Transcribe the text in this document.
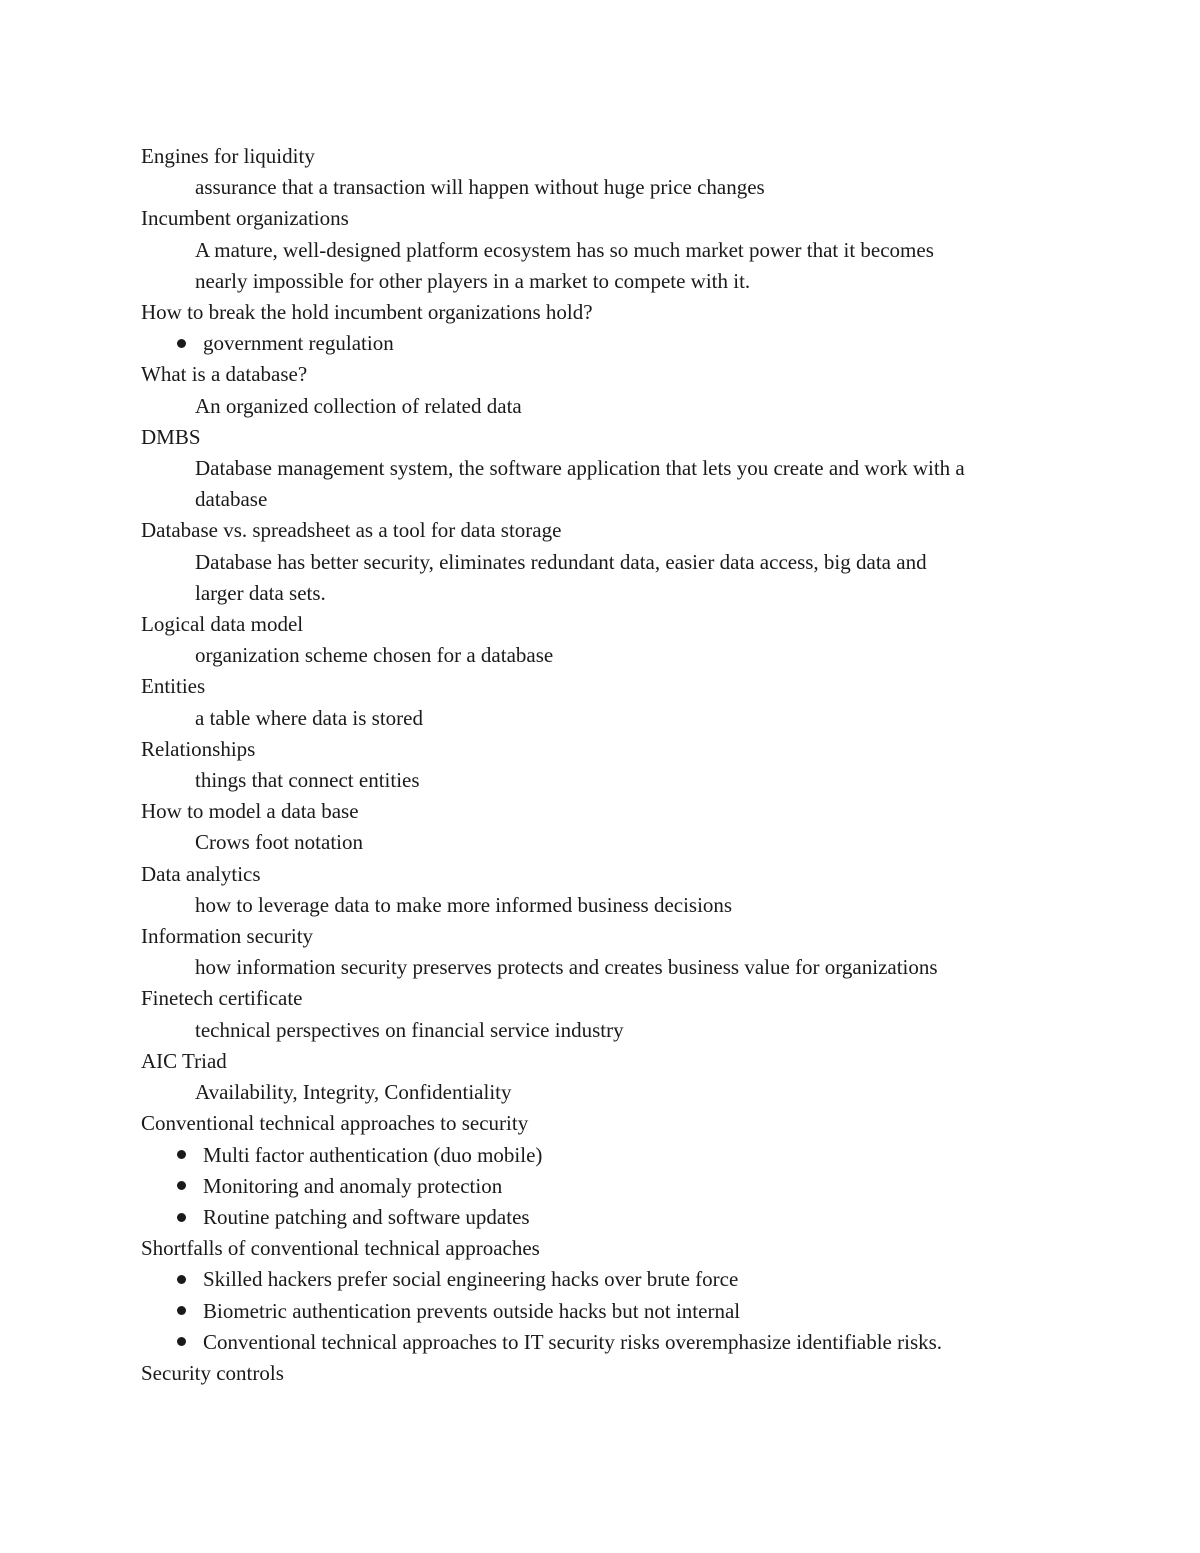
Engines for liquidity
assurance that a transaction will happen without huge price changes
Incumbent organizations
A mature, well-designed platform ecosystem has so much market power that it becomes
nearly impossible for other players in a market to compete with it.
How to break the hold incumbent organizations hold?
government regulation
What is a database?
An organized collection of related data
DMBS
Database management system, the software application that lets you create and work with a
database
Database vs. spreadsheet as a tool for data storage
Database has better security, eliminates redundant data, easier data access, big data and
larger data sets.
Logical data model
organization scheme chosen for a database
Entities
a table where data is stored
Relationships
things that connect entities
How to model a data base
Crows foot notation
Data analytics
how to leverage data to make more informed business decisions
Information security
how information security preserves protects and creates business value for organizations
Finetech certificate
technical perspectives on financial service industry
AIC Triad
Availability, Integrity, Confidentiality
Conventional technical approaches to security
Multi factor authentication (duo mobile)
Monitoring and anomaly protection
Routine patching and software updates
Shortfalls of conventional technical approaches
Skilled hackers prefer social engineering hacks over brute force
Biometric authentication prevents outside hacks but not internal
Conventional technical approaches to IT security risks overemphasize identifiable risks.
Security controls
